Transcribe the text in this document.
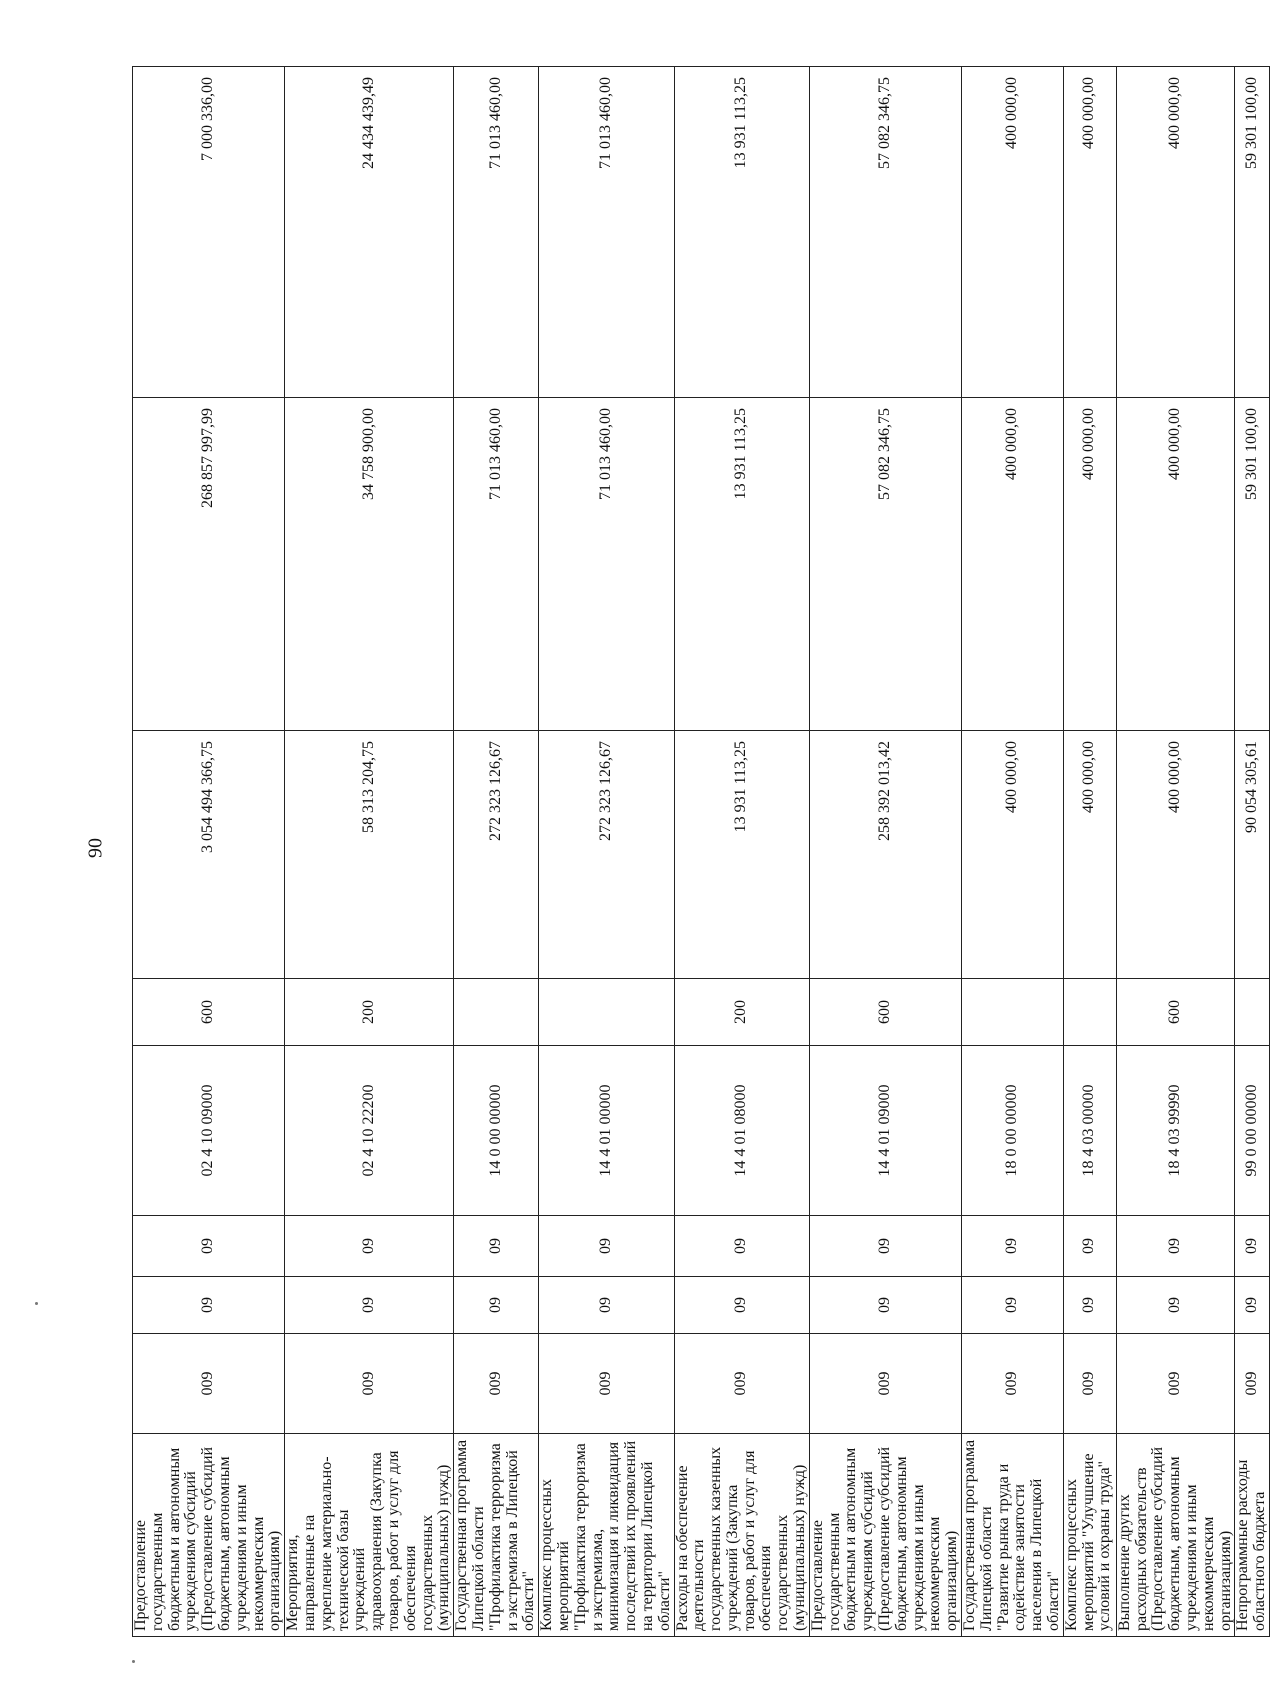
90
Предоставление государственным бюджетным и автономным учреждениям субсидий (Предоставление субсидий бюджетным, автономным учреждениям и иным некоммерческим организациям)	009	09	09	02 4 10 09000	600	3 054 494 366,75	268 857 997,99	7 000 336,00
Мероприятия, направленные на укрепление материально-технической базы учреждений здравоохранения (Закупка товаров, работ и услуг для обеспечения государственных (муниципальных) нужд)	009	09	09	02 4 10 22200	200	58 313 204,75	34 758 900,00	24 434 439,49
Государственная программа Липецкой области "Профилактика терроризма и экстремизма в Липецкой области"	009	09	09	14 0 00 00000		272 323 126,67	71 013 460,00	71 013 460,00
Комплекс процессных мероприятий "Профилактика терроризма и экстремизма, минимизация и ликвидация последствий их проявлений на территории Липецкой области"	009	09	09	14 4 01 00000		272 323 126,67	71 013 460,00	71 013 460,00
Расходы на обеспечение деятельности государственных казенных учреждений (Закупка товаров, работ и услуг для обеспечения государственных (муниципальных) нужд)	009	09	09	14 4 01 08000	200	13 931 113,25	13 931 113,25	13 931 113,25
Предоставление государственным бюджетным и автономным учреждениям субсидий (Предоставление субсидий бюджетным, автономным учреждениям и иным некоммерческим организациям)	009	09	09	14 4 01 09000	600	258 392 013,42	57 082 346,75	57 082 346,75
Государственная программа Липецкой области "Развитие рынка труда и содействие занятости населения в Липецкой области"	009	09	09	18 0 00 00000		400 000,00	400 000,00	400 000,00
Комплекс процессных мероприятий "Улучшение условий и охраны труда"	009	09	09	18 4 03 00000		400 000,00	400 000,00	400 000,00
Выполнение других расходных обязательств (Предоставление субсидий бюджетным, автономным учреждениям и иным некоммерческим организациям)	009	09	09	18 4 03 99990	600	400 000,00	400 000,00	400 000,00
Непрограммные расходы областного бюджета	009	09	09	99 0 00 00000		90 054 305,61	59 301 100,00	59 301 100,00
